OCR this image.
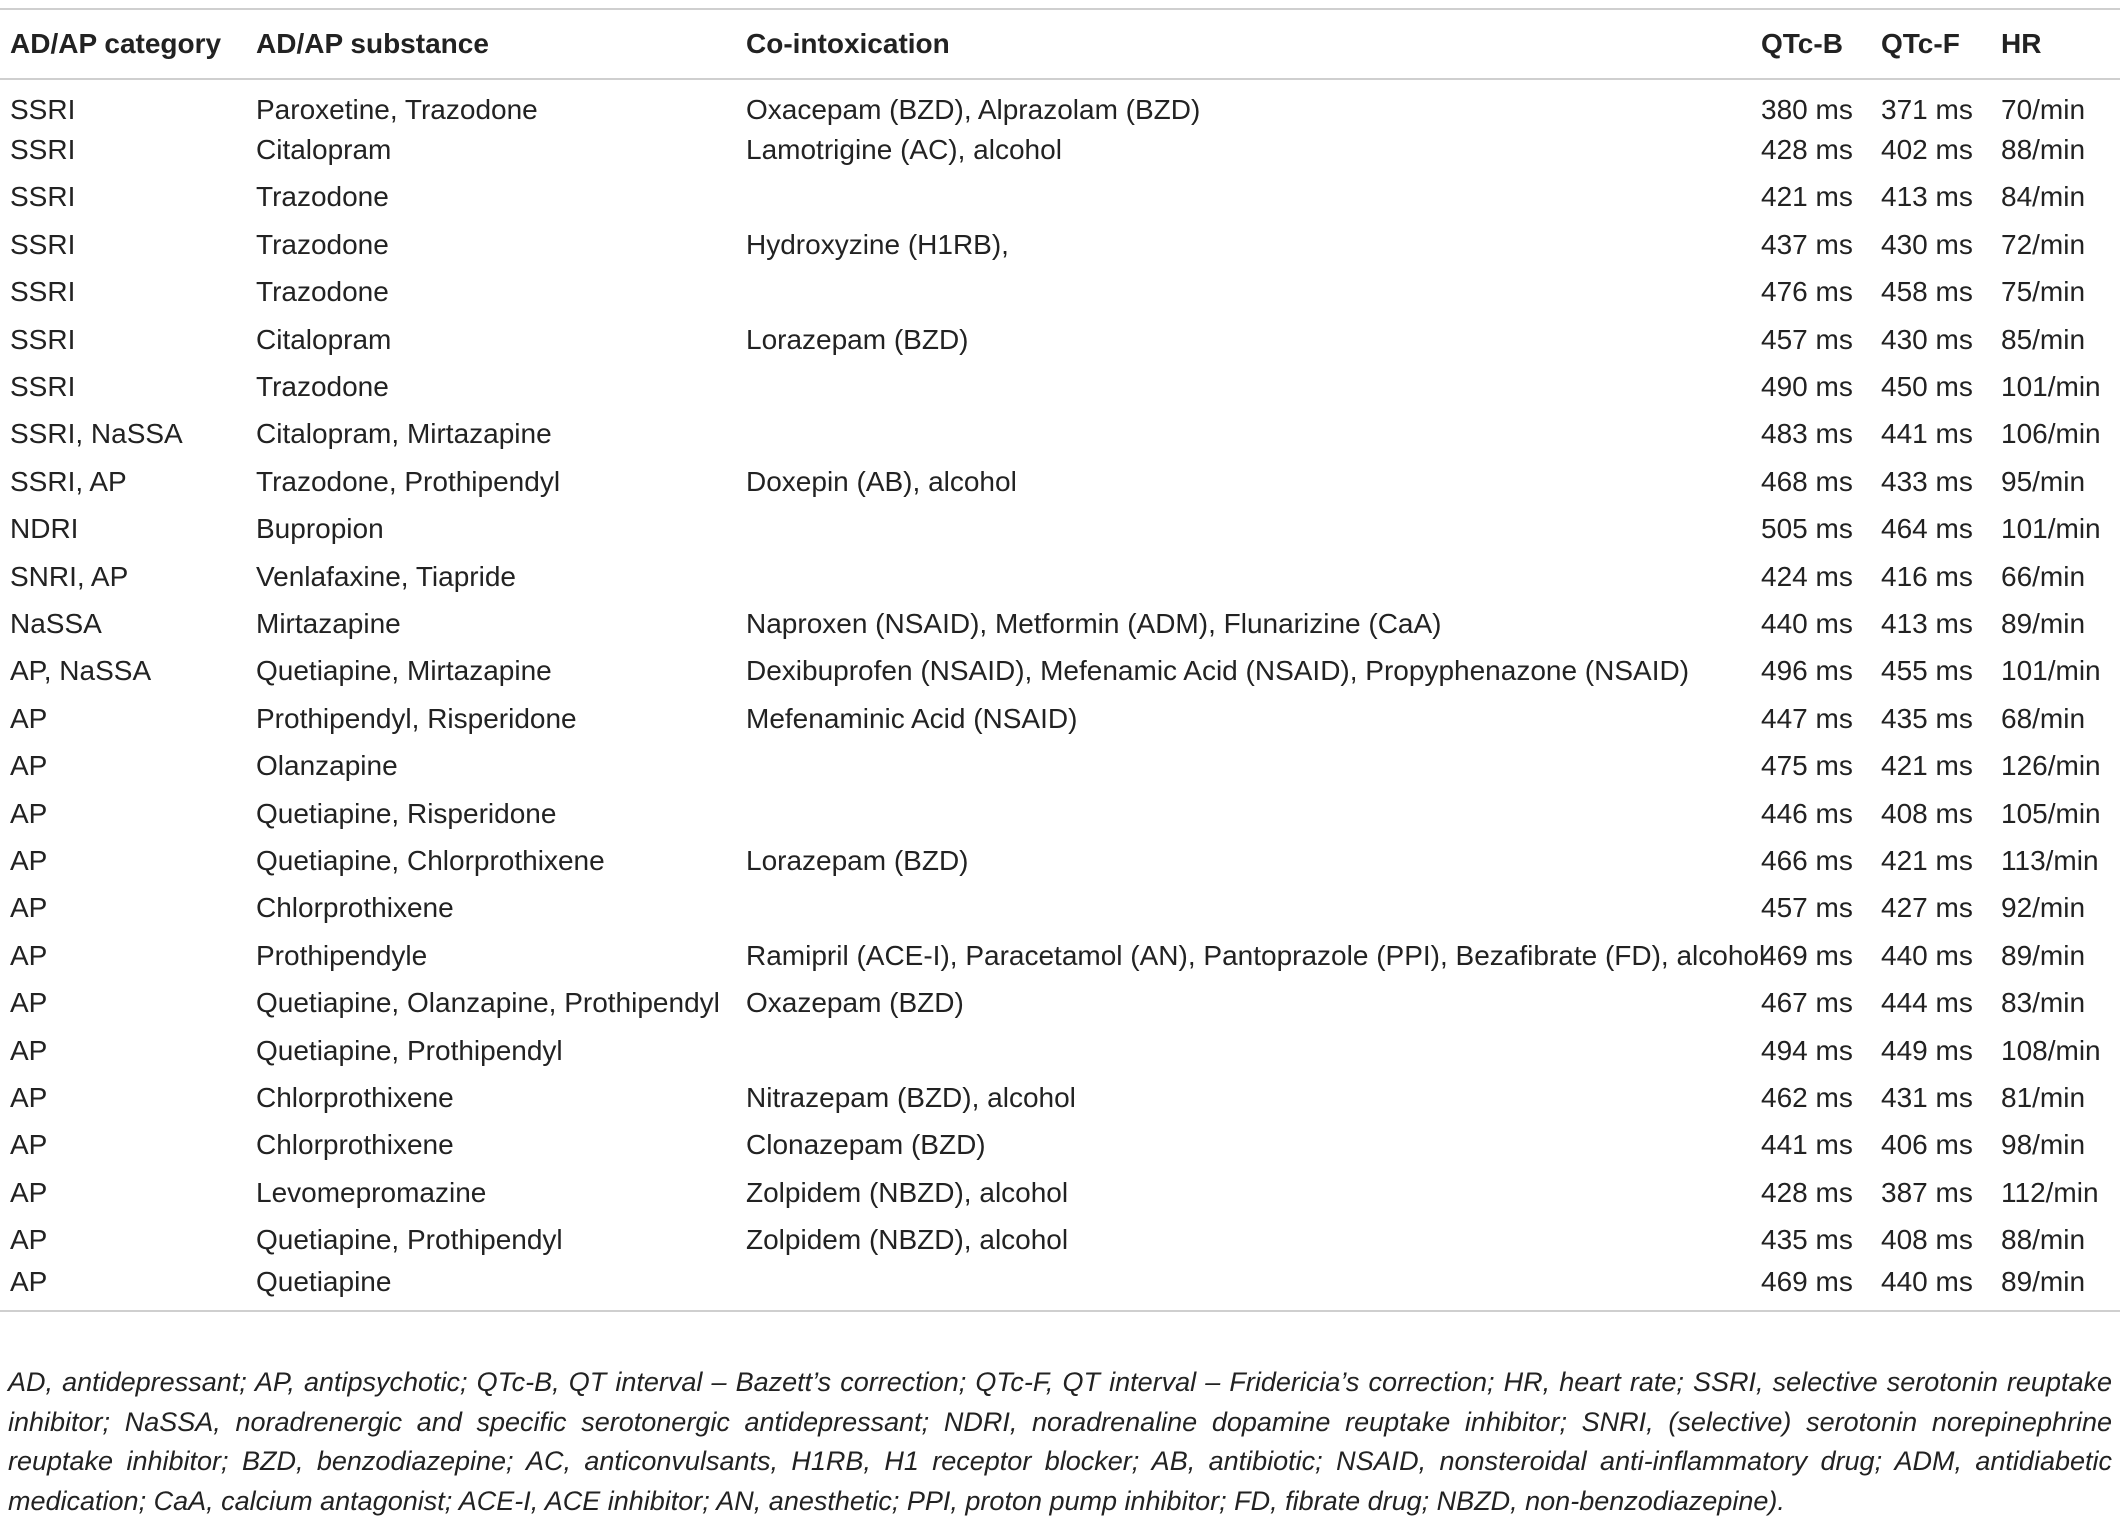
AD/AP category	AD/AP substance	Co-intoxication	QTc-B	QTc-F	HR
SSRI	Paroxetine, Trazodone	Oxacepam (BZD), Alprazolam (BZD)	380 ms	371 ms	70/min
SSRI	Citalopram	Lamotrigine (AC), alcohol	428 ms	402 ms	88/min
SSRI	Trazodone		421 ms	413 ms	84/min
SSRI	Trazodone	Hydroxyzine (H1RB),	437 ms	430 ms	72/min
SSRI	Trazodone		476 ms	458 ms	75/min
SSRI	Citalopram	Lorazepam (BZD)	457 ms	430 ms	85/min
SSRI	Trazodone		490 ms	450 ms	101/min
SSRI, NaSSA	Citalopram, Mirtazapine		483 ms	441 ms	106/min
SSRI, AP	Trazodone, Prothipendyl	Doxepin (AB), alcohol	468 ms	433 ms	95/min
NDRI	Bupropion		505 ms	464 ms	101/min
SNRI, AP	Venlafaxine, Tiapride		424 ms	416 ms	66/min
NaSSA	Mirtazapine	Naproxen (NSAID), Metformin (ADM), Flunarizine (CaA)	440 ms	413 ms	89/min
AP, NaSSA	Quetiapine, Mirtazapine	Dexibuprofen (NSAID), Mefenamic Acid (NSAID), Propyphenazone (NSAID)	496 ms	455 ms	101/min
AP	Prothipendyl, Risperidone	Mefenaminic Acid (NSAID)	447 ms	435 ms	68/min
AP	Olanzapine		475 ms	421 ms	126/min
AP	Quetiapine, Risperidone		446 ms	408 ms	105/min
AP	Quetiapine, Chlorprothixene	Lorazepam (BZD)	466 ms	421 ms	113/min
AP	Chlorprothixene		457 ms	427 ms	92/min
AP	Prothipendyle	Ramipril (ACE-I), Paracetamol (AN), Pantoprazole (PPI), Bezafibrate (FD), alcohol	469 ms	440 ms	89/min
AP	Quetiapine, Olanzapine, Prothipendyl	Oxazepam (BZD)	467 ms	444 ms	83/min
AP	Quetiapine, Prothipendyl		494 ms	449 ms	108/min
AP	Chlorprothixene	Nitrazepam (BZD), alcohol	462 ms	431 ms	81/min
AP	Chlorprothixene	Clonazepam (BZD)	441 ms	406 ms	98/min
AP	Levomepromazine	Zolpidem (NBZD), alcohol	428 ms	387 ms	112/min
AP	Quetiapine, Prothipendyl	Zolpidem (NBZD), alcohol	435 ms	408 ms	88/min
AP	Quetiapine		469 ms	440 ms	89/min

AD, antidepressant; AP, antipsychotic; QTc-B, QT interval – Bazett’s correction; QTc-F, QT interval – Fridericia’s correction; HR, heart rate; SSRI, selective serotonin reuptake inhibitor; NaSSA, noradrenergic and specific serotonergic antidepressant; NDRI, noradrenaline dopamine reuptake inhibitor; SNRI, (selective) serotonin norepinephrine reuptake inhibitor; BZD, benzodiazepine; AC, anticonvulsants, H1RB, H1 receptor blocker; AB, antibiotic; NSAID, nonsteroidal anti-inflammatory drug; ADM, antidiabetic medication; CaA, calcium antagonist; ACE-I, ACE inhibitor; AN, anesthetic; PPI, proton pump inhibitor; FD, fibrate drug; NBZD, non-benzodiazepine).
